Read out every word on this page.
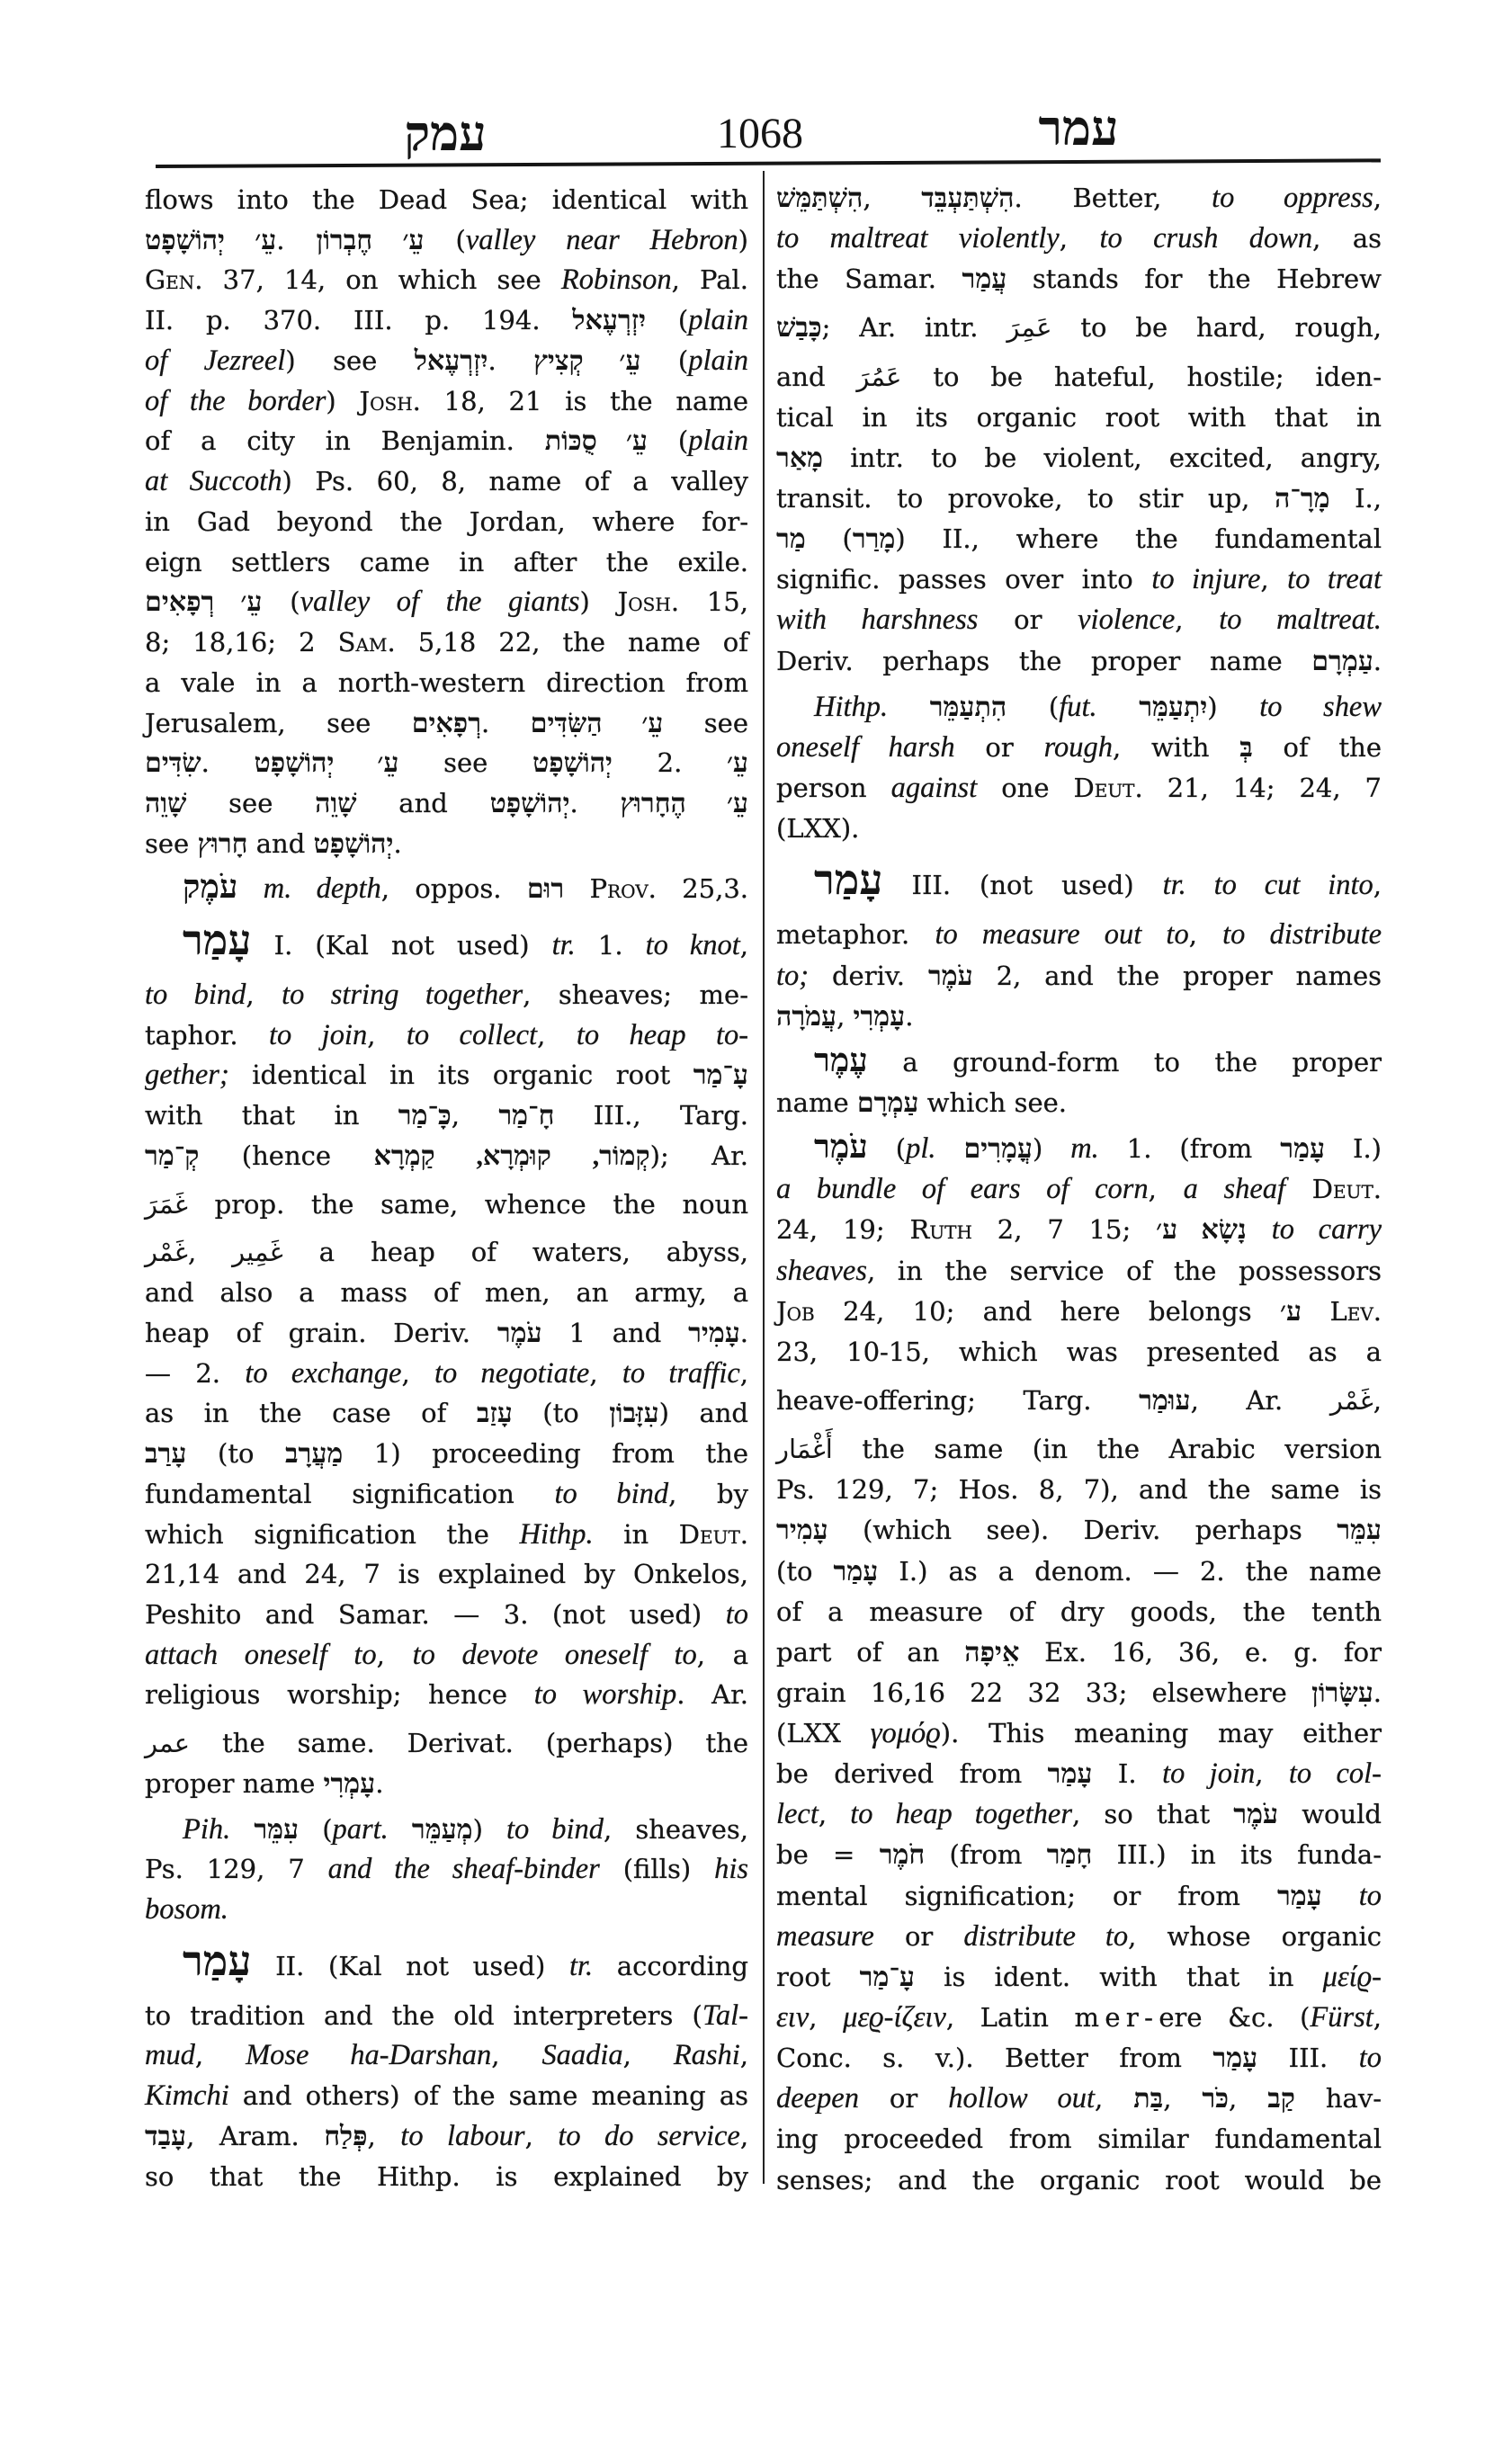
עמק	1068	עמר
flows into the Dead Sea; identical with
עֵ׳ יְהוֹשָׁפָט. עֵ׳ חֶבְרוֹן (valley near Hebron)
Gen. 37, 14, on which see Robinson, Pal.
II. p. 370. III. p. 194. יִזְרְעֶאל (plain
of Jezreel) see יִזְרְעֶאל. עֵ׳ קְצִיץ (plain
of the border) Josh. 18, 21 is the name
of a city in Benjamin. עֵ׳ סֻכּוֹת (plain
at Succoth) Ps. 60, 8, name of a valley
in Gad beyond the Jordan, where for-
eign settlers came in after the exile.
עֵ׳ רְפָאִים (valley of the giants) Josh. 15,
8; 18,16; 2 Sam. 5,18 22, the name of
a vale in a north-western direction from
Jerusalem, see רְפָאִים. עֵ׳ הַשִּׂדִּים see
שִׂדִּים. עֵ׳ יְהוֹשָׁפָט see יְהוֹשָׁפָט 2. עֵ׳
שָׁוֵה see שָׁוֵה and יְהוֹשָׁפָט. עֵ׳ הֶחָרוּץ
see חָרוּץ and יְהוֹשָׁפָט.
עֹמֶק m. depth, oppos. רוּם Prov. 25,3.
עָמַר I. (Kal not used) tr. 1. to knot,
to bind, to string together, sheaves; me-
taphor. to join, to collect, to heap to-
gether; identical in its organic root עָ־מַר
with that in כָּ־מַר, חָ־מַר III., Targ.
קְ־מַר (hence קְמוֹר, קוּמְרָא, קַמְרָא); Ar.
غَمَرَ prop. the same, whence the noun
غَمْر, غَمِير a heap of waters, abyss,
and also a mass of men, an army, a
heap of grain. Deriv. עֹמֶר 1 and עָמִיר.
— 2. to exchange, to negotiate, to traffic,
as in the case of עָזַב (to עִזָּבוֹן) and
עָרַב (to מַעֲרָב 1) proceeding from the
fundamental signification to bind, by
which signification the Hithp. in Deut.
21,14 and 24, 7 is explained by Onkelos,
Peshito and Samar. — 3. (not used) to
attach oneself to, to devote oneself to, a
religious worship; hence to worship. Ar.
عمر the same. Derivat. (perhaps) the
proper name עָמְרִי.
Pih. עִמֵּר (part. מְעַמֵּר) to bind, sheaves,
Ps. 129, 7 and the sheaf-binder (fills) his
bosom.
עָמַר II. (Kal not used) tr. according
to tradition and the old interpreters (Tal-
mud, Mose ha-Darshan, Saadia, Rashi,
Kimchi and others) of the same meaning as
עָבַד, Aram. פְּלַח, to labour, to do service,
so that the Hithp. is explained by
הִשְׁתַּמֵּשׁ, הִשְׁתַּעְבֵּד. Better, to oppress,
to maltreat violently, to crush down, as
the Samar. עֲמַר stands for the Hebrew
כָּבַשׁ; Ar. intr. عَمِرَ to be hard, rough,
and عَمُرَ to be hateful, hostile; iden-
tical in its organic root with that in
מָאַר intr. to be violent, excited, angry,
transit. to provoke, to stir up, מָרָ־ה I.,
מַר (מָרַר) II., where the fundamental
signific. passes over into to injure, to treat
with harshness or violence, to maltreat.
Deriv. perhaps the proper name עַמְרָם.
Hithp. הִתְעַמֵּר (fut. יִתְעַמֵּר) to shew
oneself harsh or rough, with בְּ of the
person against one Deut. 21, 14; 24, 7
(LXX).
עָמַר III. (not used) tr. to cut into,
metaphor. to measure out to, to distribute
to; deriv. עֹמֶר 2, and the proper names
עֲמֹרָה, עָמְרִי.
עֶמֶר a ground-form to the proper
name עַמְרָם which see.
עֹמֶר (pl. עֳמָרִים) m. 1. (from עָמַר I.)
a bundle of ears of corn, a sheaf Deut.
24, 19; Ruth 2, 7 15; נָשָׂא ע׳ to carry
sheaves, in the service of the possessors
Job 24, 10; and here belongs ע׳ Lev.
23, 10-15, which was presented as a
heave-offering; Targ. עוּמַר, Ar. غَمْر,
أَغْمَار the same (in the Arabic version
Ps. 129, 7; Hos. 8, 7), and the same is
עָמִיר (which see). Deriv. perhaps עִמֵּר
(to עָמַר I.) as a denom. — 2. the name
of a measure of dry goods, the tenth
part of an אֵיפָה Ex. 16, 36, e. g. for
grain 16,16 22 32 33; elsewhere עִשָּׂרוֹן.
(LXX γομόϱ). This meaning may either
be derived from עָמַר I. to join, to col-
lect, to heap together, so that עֹמֶר would
be = חֹמֶר (from חָמַר III.) in its funda-
mental signification; or from עָמַר to
measure or distribute to, whose organic
root עָ־מַר is ident. with that in μείϱ-
ειν, μεϱ-ίζειν, Latin mer-ere &c. (Fürst,
Conc. s. v.). Better from עָמַר III. to
deepen or hollow out, בַּת, כֹּר, קַב hav-
ing proceeded from similar fundamental
senses; and the organic root would be
